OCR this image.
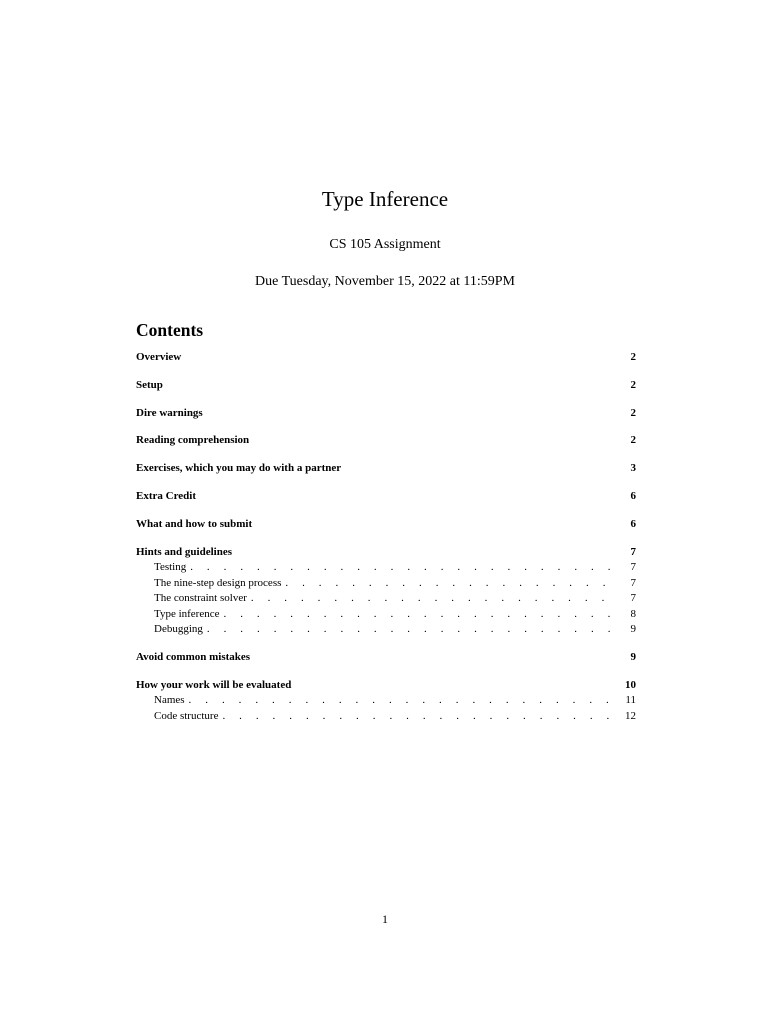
Type Inference
CS 105 Assignment
Due Tuesday, November 15, 2022 at 11:59PM
Contents
Overview	2
Setup	2
Dire warnings	2
Reading comprehension	2
Exercises, which you may do with a partner	3
Extra Credit	6
What and how to submit	6
Hints and guidelines	7
Testing . . .	7
The nine-step design process . . .	7
The constraint solver . . .	7
Type inference . . .	8
Debugging . . .	9
Avoid common mistakes	9
How your work will be evaluated	10
Names . . .	11
Code structure . . .	12
1
